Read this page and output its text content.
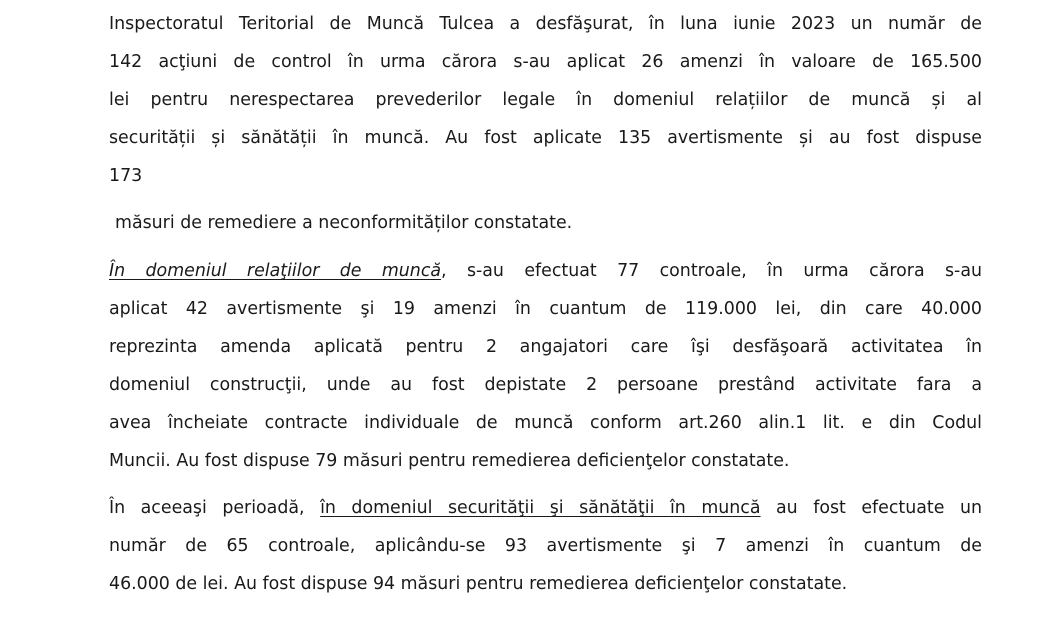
Inspectoratul Teritorial de Muncă Tulcea a desfăşurat, în luna iunie 2023 un număr de
142 acţiuni de control în urma cărora s-au aplicat 26 amenzi în valoare de 165.500
lei pentru nerespectarea prevederilor legale în domeniul relațiilor de muncă și al
securității și sănătății în muncă. Au fost aplicate 135 avertismente și au fost dispuse
173
măsuri de remediere a neconformităților constatate.
În domeniul relaţiilor de muncă, s-au efectuat 77 controale, în urma cărora s-au
aplicat 42 avertismente şi 19 amenzi în cuantum de 119.000 lei, din care 40.000
reprezinta amenda aplicată pentru 2 angajatori care îşi desfăşoară activitatea în
domeniul construcţii, unde au fost depistate 2 persoane prestând activitate fara a
avea încheiate contracte individuale de muncă conform art.260 alin.1 lit. e din Codul
Muncii. Au fost dispuse 79 măsuri pentru remedierea deficienţelor constatate.
În aceeaşi perioadă, în domeniul securităţii şi sănătăţii în muncă au fost efectuate un
număr de 65 controale, aplicându-se 93 avertismente şi 7 amenzi în cuantum de
46.000 de lei. Au fost dispuse 94 măsuri pentru remedierea deficienţelor constatate.
